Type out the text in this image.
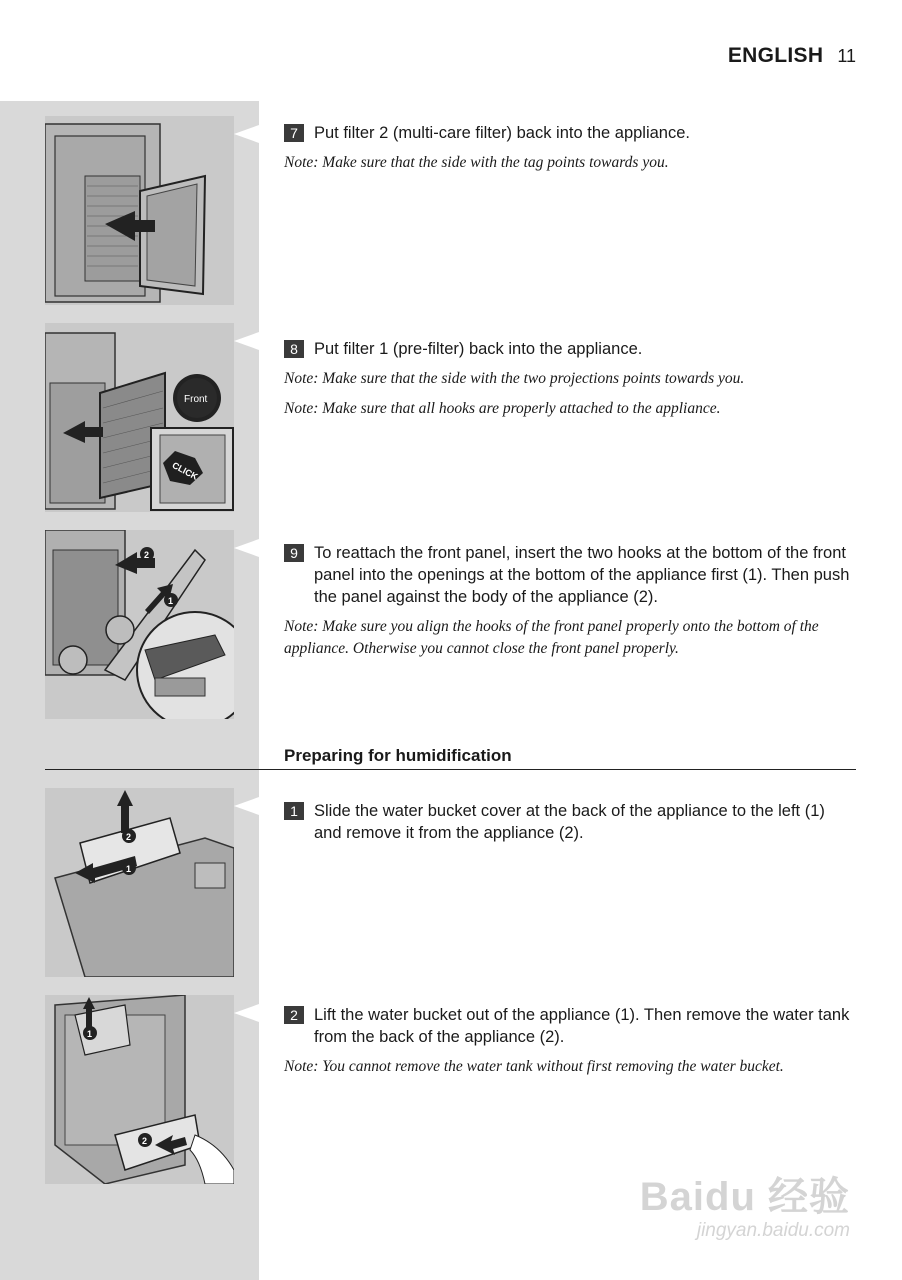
ENGLISH 11
7 Put filter 2 (multi-care filter) back into the appliance.
Note: Make sure that the side with the tag points towards you.
Front
CLICK
8 Put filter 1 (pre-filter) back into the appliance.
Note: Make sure that the side with the two projections points towards you.
Note: Make sure that all hooks are properly attached to the appliance.
2
1
9 To reattach the front panel, insert the two hooks at the bottom of the front panel into the openings at the bottom of the appliance first (1). Then push the panel against the body of the appliance (2).
Note: Make sure you align the hooks of the front panel properly onto the bottom of the appliance. Otherwise you cannot close the front panel properly.
Preparing for humidification
2
1
1 Slide the water bucket cover at the back of the appliance to the left (1) and remove it from the appliance (2).
1
2
2 Lift the water bucket out of the appliance (1). Then remove the water tank from the back of the appliance (2).
Note: You cannot remove the water tank without first removing the water bucket.
Baidu 经验
jingyan.baidu.com
